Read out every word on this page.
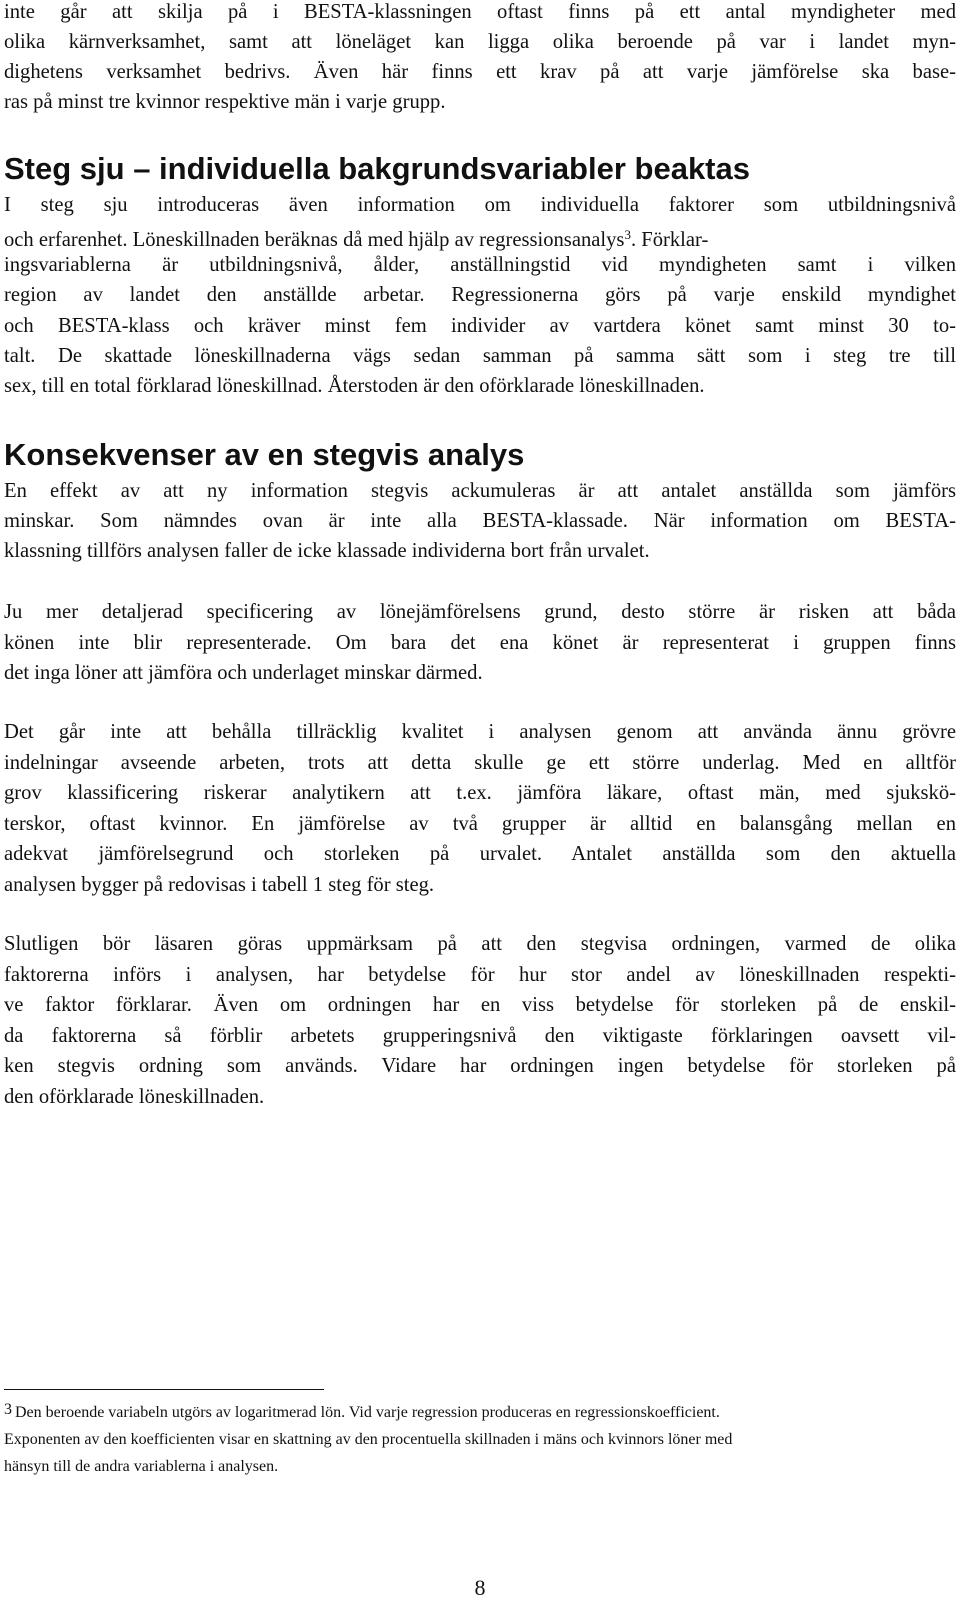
inte går att skilja på i BESTA-klassningen oftast finns på ett antal myndigheter med

olika kärnverksamhet, samt att löneläget kan ligga olika beroende på var i landet myn-

dighetens verksamhet bedrivs. Även här finns ett krav på att varje jämförelse ska base-

ras på minst tre kvinnor respektive män i varje grupp.

Steg sju – individuella bakgrundsvariabler beaktas

I steg sju introduceras även information om individuella faktorer som utbildningsnivå

och erfarenhet. Löneskillnaden beräknas då med hjälp av regressionsanalys$^3$. Förklar-

ingsvariablerna är utbildningsnivå, ålder, anställningstid vid myndigheten samt i vilken

region av landet den anställde arbetar. Regressionerna görs på varje enskild myndighet

och BESTA-klass och kräver minst fem individer av vartdera könet samt minst 30 to-

talt. De skattade löneskillnaderna vägs sedan samman på samma sätt som i steg tre till

sex, till en total förklarad löneskillnad. Återstoden är den oförklarade löneskillnaden.

Konsekvenser av en stegvis analys

En effekt av att ny information stegvis ackumuleras är att antalet anställda som jämförs

minskar. Som nämndes ovan är inte alla BESTA-klassade. När information om BESTA-

klassning tillförs analysen faller de icke klassade individerna bort från urvalet.

Ju mer detaljerad specificering av lönejämförelsens grund, desto större är risken att båda

könen inte blir representerade. Om bara det ena könet är representerat i gruppen finns

det inga löner att jämföra och underlaget minskar därmed.

Det går inte att behålla tillräcklig kvalitet i analysen genom att använda ännu grövre

indelningar avseende arbeten, trots att detta skulle ge ett större underlag. Med en alltför

grov klassificering riskerar analytikern att t.ex. jämföra läkare, oftast män, med sjukskö-

terskor, oftast kvinnor. En jämförelse av två grupper är alltid en balansgång mellan en

adekvat jämförelsegrund och storleken på urvalet. Antalet anställda som den aktuella

analysen bygger på redovisas i tabell 1 steg för steg.

Slutligen bör läsaren göras uppmärksam på att den stegvisa ordningen, varmed de olika

faktorerna införs i analysen, har betydelse för hur stor andel av löneskillnaden respekti-

ve faktor förklarar. Även om ordningen har en viss betydelse för storleken på de enskil-

da faktorerna så förblir arbetets grupperingsnivå den viktigaste förklaringen oavsett vil-

ken stegvis ordning som används. Vidare har ordningen ingen betydelse för storleken på

den oförklarade löneskillnaden.

3 Den beroende variabeln utgörs av logaritmerad lön. Vid varje regression produceras en regressionskoefficient.

Exponenten av den koefficienten visar en skattning av den procentuella skillnaden i mäns och kvinnors löner med

hänsyn till de andra variablerna i analysen.

8
